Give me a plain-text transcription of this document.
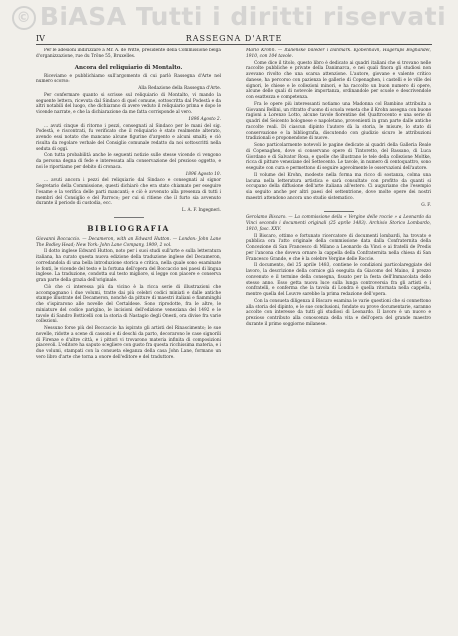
© BiASA Tutti i diritti riservati
IV	RASSEGNA D'ARTE

Per le adesioni indirizzare a Mr. A. de Witte, presidente della Commissione belga d'organizzazione, rue du Trône 55, Bruxelles.

Ancora del reliquiario di Montalto.

Riceviamo e pubblichiamo sull'argomento di cui parlò Rassegna d'Arte nel numero scorso:

Alla Redazione della Rassegna d'Arte.

Per confermare quanto si scrisse sul reliquiario di Montalto, vi mando la seguente lettera, ricevuta dal Sindaco di quel comune, sottoscritta dal Podestà e da altri notabili del luogo, che dichiarano di avere veduto il reliquiario prima e dopo le vicende narrate, e che la dichiarazione da me fatta corrisponde al vero.

1896 Agosto 2.

... avuti cinque di ritorno i pezzi, consegnati al Sindaco per le mani del sig. Podestà, e riscontrati, fu verificato che il reliquiario è stato realmente alterato, avendo essi notato che mancano alcune figurine d'argento e alcuni smalti; e ciò risulta da regolare verbale del Consiglio comunale redatto da noi sottoscritti nella seduta di oggi.

Con tutta probabilità anche le seguenti notizie sulle stesse vicende ci vengono da persona degna di fede e interessata alla conservazione del prezioso oggetto, e noi le riportiamo per debito di cronaca.

1896 Agosto 10.

... avuti ancora i pezzi del reliquiario dal Sindaco e consegnati al signor Segretario della Commissione, questi dichiarò che era stato chiamato per eseguire l'esame e la verifica delle parti mancanti; e ciò è avvenuto alla presenza di tutti i membri del Consiglio e del Parroco; per cui si ritiene che il furto sia avvenuto durante il periodo di custodia, ecc.

L. A. F. Ingegneri.

BIBLIOGRAFIA

Giovanni Boccaccio. — Decameron, with an Edward Hutton. — London: John Lane The Bodley Head; New York: John Lane Company, 1909, 2 vol.

Il dotto inglese Edward Hutton, noto per i suoi studi sull'arte e sulla letteratura italiana, ha curato questa nuova edizione della traduzione inglese del Decameron, corredandola di una bella introduzione storica e critica, nella quale sono esaminate le fonti, le vicende del testo e la fortuna dell'opera del Boccaccio nei paesi di lingua inglese. La traduzione, condotta sul testo migliore, si legge con piacere e conserva gran parte della grazia dell'originale.

Ciò che ci interessa più da vicino è la ricca serie di illustrazioni che accompagnano i due volumi, tratte dai più celebri codici miniati e dalle antiche stampe illustrate del Decameron, nonché da pitture di maestri italiani e fiamminghi che s'ispirarono alle novelle del Certaldese. Sono riprodotte, fra le altre, le miniature del codice parigino, le incisioni dell'edizione veneziana del 1492 e le tavole di Sandro Botticelli con la storia di Nastagio degli Onesti, ora divise fra varie collezioni.

Nessuno forse più del Boccaccio ha ispirato gli artisti del Rinascimento; le sue novelle, ridotte a scene di cassoni e di deschi da parto, decorarono le case signorili di Firenze e d'altre città, e i pittori vi trovarono materia infinita di composizioni piacevoli. L'editore ha saputo scegliere con gusto fra questa ricchissima materia, e i due volumi, stampati con la consueta eleganza della casa John Lane, formano un vero libro d'arte che torna a onore dell'editore e del traduttore.

Mario Krohn. — Italienske billeder i Danmark. Kjöbenhavn, Hagerups Boghandel, 1910, con 104 tavole.

Come dice il titolo, questo libro è dedicato ai quadri italiani che si trovano nelle raccolte pubbliche e private della Danimarca, e nei quali finora gli studiosi non avevano rivolto che una scarsa attenzione. L'autore, giovane e valente critico danese, ha percorso con pazienza le gallerie di Copenaghen, i castelli e le ville dei signori, le chiese e le collezioni minori, e ha raccolto un buon numero di opere, alcune delle quali di notevole importanza, ordinandole per scuole e descrivendole con esattezza e competenza.

Fra le opere più interessanti notiamo una Madonna col Bambino attribuita a Giovanni Bellini, un ritratto d'uomo di scuola veneta che il Krohn assegna con buone ragioni a Lorenzo Lotto, alcune tavole fiorentine del Quattrocento e una serie di quadri del Seicento bolognese e napoletano, provenienti in gran parte dalle antiche raccolte reali. Di ciascun dipinto l'autore dà la storia, le misure, lo stato di conservazione e la bibliografia, discutendo con giudizio sicuro le attribuzioni tradizionali e proponendone di nuove.

Sono particolarmente notevoli le pagine dedicate ai quadri della Galleria Reale di Copenaghen, dove si conservano opere di Tintoretto, del Bassano, di Luca Giordano e di Salvator Rosa, e quelle che illustrano le tele della collezione Moltke, ricca di pitture veneziane del Settecento. Le tavole, in numero di centoquattro, sono eseguite con cura e permettono di seguire agevolmente le osservazioni dell'autore.

Il volume del Krohn, modesto nella forma ma ricco di sostanza, colma una lacuna nella letteratura artistica e sarà consultato con profitto da quanti si occupano della diffusione dell'arte italiana all'estero. Ci auguriamo che l'esempio sia seguito anche per altri paesi del settentrione, dove molte opere dei nostri maestri attendono ancora uno studio sistematico.

G. F.

Gerolamo Biscaro. — La commissione della « Vergine delle roccie » a Leonardo da Vinci secondo i documenti originali (25 aprile 1483). Archivio Storico Lombardo, 1910, fasc. XXV.

Il Biscaro, ottimo e fortunato ricercatore di documenti lombardi, ha trovato e pubblica ora l'atto originale della commissione data dalla Confraternita della Concezione di San Francesco di Milano a Leonardo da Vinci e ai fratelli de Predis per l'ancona che doveva ornare la cappella della Confraternita nella chiesa di San Francesco Grande, e che è la celebre Vergine delle Roccie.

Il documento, del 25 aprile 1483, contiene le condizioni particolareggiate del lavoro, la descrizione della cornice già eseguita da Giacomo del Maino, il prezzo convenuto e il termine della consegna, fissato per la festa dell'Immacolata dello stesso anno. Esso getta nuova luce sulla lunga controversia fra gli artisti e i confratelli, e conferma che la tavola di Londra è quella ritornata nella cappella, mentre quella del Louvre sarebbe la prima redazione dell'opera.

Con la consueta diligenza il Biscaro esamina le varie questioni che si connettono alla storia del dipinto, e le sue conclusioni, fondate su prove documentarie, saranno accolte con interesse da tutti gli studiosi di Leonardo. Il lavoro è un nuovo e prezioso contributo alla conoscenza della vita e dell'opera del grande maestro durante il primo soggiorno milanese.
